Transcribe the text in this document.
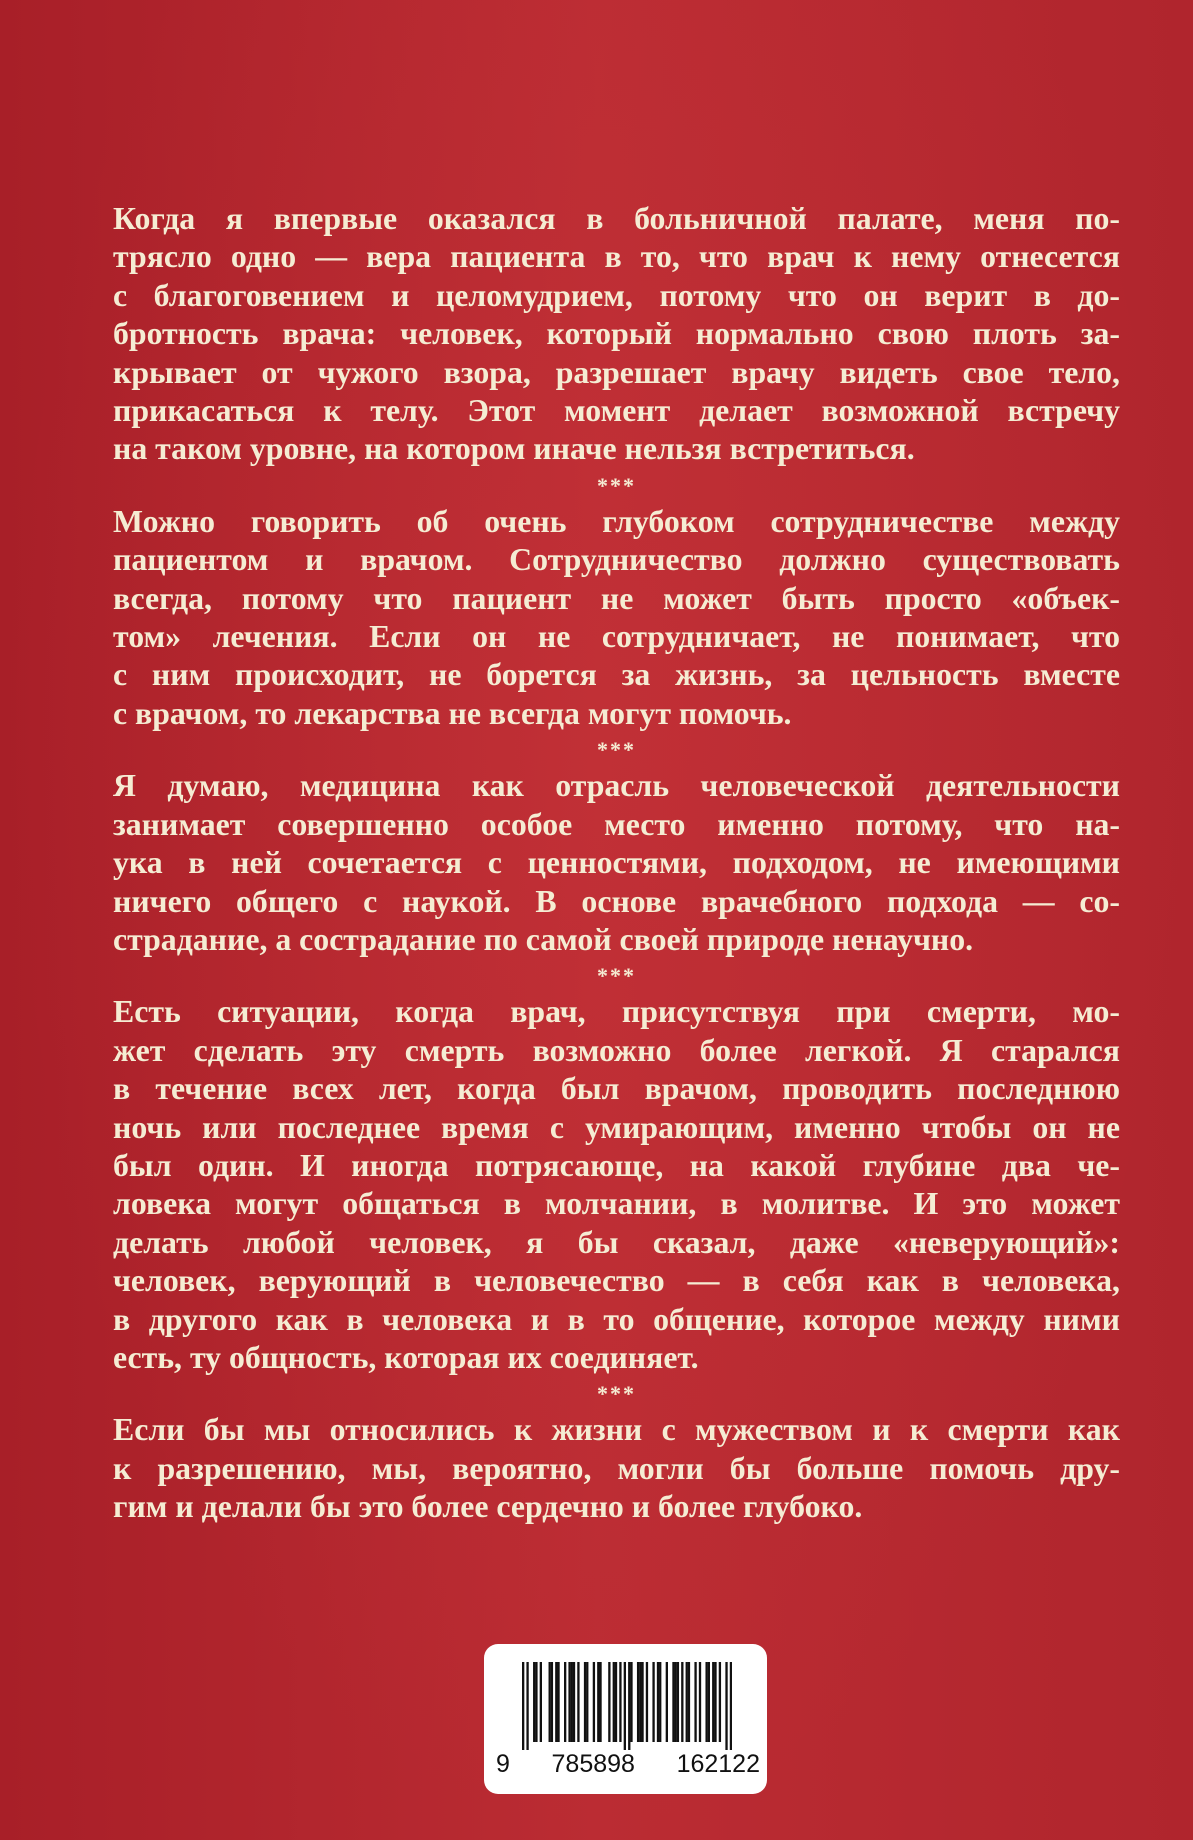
Когда я впервые оказался в больничной палате, меня по-
трясло одно — вера пациента в то, что врач к нему отнесется
с благоговением и целомудрием, потому что он верит в до-
бротность врача: человек, который нормально свою плоть за-
крывает от чужого взора, разрешает врачу видеть свое тело,
прикасаться к телу. Этот момент делает возможной встречу
на таком уровне, на котором иначе нельзя встретиться.
***
Можно говорить об очень глубоком сотрудничестве между
пациентом и врачом. Сотрудничество должно существовать
всегда, потому что пациент не может быть просто «объек-
том» лечения. Если он не сотрудничает, не понимает, что
с ним происходит, не борется за жизнь, за цельность вместе
с врачом, то лекарства не всегда могут помочь.
***
Я думаю, медицина как отрасль человеческой деятельности
занимает совершенно особое место именно потому, что на-
ука в ней сочетается с ценностями, подходом, не имеющими
ничего общего с наукой. В основе врачебного подхода — со-
страдание, а сострадание по самой своей природе ненаучно.
***
Есть ситуации, когда врач, присутствуя при смерти, мо-
жет сделать эту смерть возможно более легкой. Я старался
в течение всех лет, когда был врачом, проводить последнюю
ночь или последнее время с умирающим, именно чтобы он не
был один. И иногда потрясающе, на какой глубине два че-
ловека могут общаться в молчании, в молитве. И это может
делать любой человек, я бы сказал, даже «неверующий»:
человек, верующий в человечество — в себя как в человека,
в другого как в человека и в то общение, которое между ними
есть, ту общность, которая их соединяет.
***
Если бы мы относились к жизни с мужеством и к смерти как
к разрешению, мы, вероятно, могли бы больше помочь дру-
гим и делали бы это более сердечно и более глубоко.
9 785898 162122
